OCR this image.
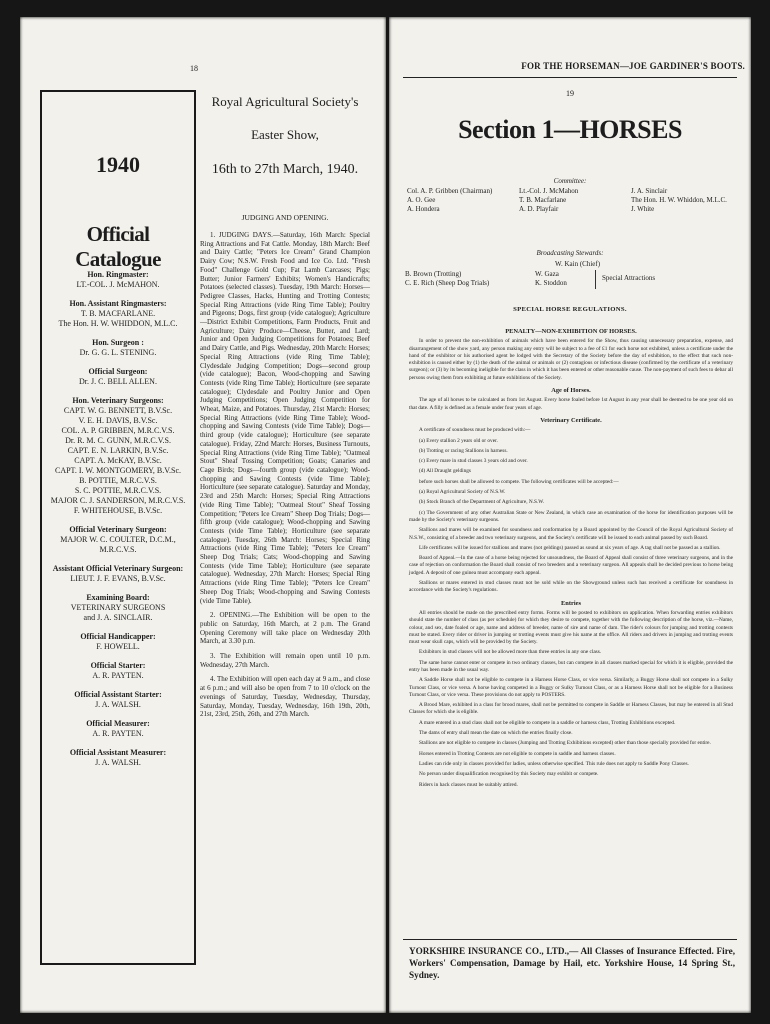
18
1940
Official Catalogue
Hon. Ringmaster:
LT.-COL. J. McMAHON.
Hon. Assistant Ringmasters:
T. B. MACFARLANE.
The Hon. H. W. WHIDDON, M.L.C.
Hon. Surgeon :
Dr. G. G. L. STENING.
Official Surgeon:
Dr. J. C. BELL ALLEN.
Hon. Veterinary Surgeons:
CAPT. W. G. BENNETT, B.V.Sc.
V. E. H. DAVIS, B.V.Sc.
COL. A. P. GRIBBEN, M.R.C.V.S.
Dr. R. M. C. GUNN, M.R.C.V.S.
CAPT. E. N. LARKIN, B.V.Sc.
CAPT. A. McKAY, B.V.Sc.
CAPT. I. W. MONTGOMERY, B.V.Sc.
B. POTTIE, M.R.C.V.S.
S. C. POTTIE, M.R.C.V.S.
MAJOR C. J. SANDERSON, M.R.C.V.S.
F. WHITEHOUSE, B.V.Sc.
Official Veterinary Surgeon:
MAJOR W. C. COULTER, D.C.M., M.R.C.V.S.
Assistant Official Veterinary Surgeon:
LIEUT. J. F. EVANS, B.V.Sc.
Examining Board:
VETERINARY SURGEONS
and J. A. SINCLAIR.
Official Handicapper:
F. HOWELL.
Official Starter:
A. R. PAYTEN.
Official Assistant Starter:
J. A. WALSH.
Official Measurer:
A. R. PAYTEN.
Official Assistant Measurer:
J. A. WALSH.
Royal Agricultural Society's
Easter Show,
16th to 27th March, 1940.
JUDGING AND OPENING.

1. JUDGING DAYS.—Saturday, 16th March: Special Ring Attractions and Fat Cattle. Monday, 18th March: Beef and Dairy Cattle; "Peters Ice Cream" Grand Champion Dairy Cow; N.S.W. Fresh Food and Ice Co. Ltd. "Fresh Food" Challenge Gold Cup; Fat Lamb Carcases; Pigs; Butter; Junior Farmers' Exhibits; Women's Handicrafts; Potatoes (selected classes). Tuesday, 19th March: Horses—Pedigree Classes, Hacks, Hunting and Trotting Contests; Special Ring Attractions (vide Ring Time Table); Poultry and Pigeons; Dogs, first group (vide catalogue); Agriculture—District Exhibit Competitions, Farm Products, Fruit and Agriculture; Dairy Produce—Cheese, Butter, and Lard; Junior and Open Judging Competitions for Potatoes; Beef and Dairy Cattle, and Pigs. Wednesday, 20th March: Horses; Special Ring Attractions (vide Ring Time Table); Clydesdale Judging Competition; Dogs—second group (vide catalogue); Bacon, Wood-chopping and Sawing Contests (vide Ring Time Table); Horticulture (see separate catalogue); Clydesdale and Poultry Junior and Open Judging Competitions; Open Judging Competition for Wheat, Maize, and Potatoes. Thursday, 21st March: Horses; Special Ring Attractions (vide Ring Time Table); Wood-chopping and Sawing Contests (vide Time Table); Dogs—third group (vide catalogue); Horticulture (see separate catalogue). Friday, 22nd March: Horses, Business Turnouts, Special Ring Attractions (vide Ring Time Table); "Oatmeal Stout" Sheaf Tossing Competition; Goats; Canaries and Cage Birds; Dogs—fourth group (vide catalogue); Wood-chopping and Sawing Contests (vide Time Table); Horticulture (see separate catalogue). Saturday and Monday, 23rd and 25th March: Horses; Special Ring Attractions (vide Ring Time Table); "Oatmeal Stout" Sheaf Tossing Competition; "Peters Ice Cream" Sheep Dog Trials; Dogs—fifth group (vide catalogue); Wood-chopping and Sawing Contests (vide Time Table); Horticulture (see separate catalogue). Tuesday, 26th March: Horses; Special Ring Attractions (vide Ring Time Table); "Peters Ice Cream" Sheep Dog Trials; Cats; Wood-chopping and Sawing Contests (vide Time Table); Horticulture (see separate catalogue). Wednesday, 27th March: Horses; Special Ring Attractions (vide Ring Time Table); "Peters Ice Cream" Sheep Dog Trials; Wood-chopping and Sawing Contests (vide Time Table).

2. OPENING.—The Exhibition will be open to the public on Saturday, 16th March, at 2 p.m. The Grand Opening Ceremony will take place on Wednesday 20th March, at 3.30 p.m.

3. The Exhibition will remain open until 10 p.m. Wednesday, 27th March.

4. The Exhibition will open each day at 9 a.m., and close at 6 p.m.; and will also be open from 7 to 10 o'clock on the evenings of Saturday, Tuesday, Wednesday, Thursday, Saturday, Monday, Tuesday, Wednesday, 16th 19th, 20th, 21st, 23rd, 25th, 26th, and 27th March.

FOR THE HORSEMAN—JOE GARDINER'S BOOTS.
19
Section 1—HORSES
Committee:
Col. A. P. Gribben (Chairman)
A. O. Gee
A. Hondera
Lt.-Col. J. McMahon
T. B. Macfarlane
A. D. Playfair
J. A. Sinclair
The Hon. H. W. Whiddon, M.L.C.
J. White
Broadcasting Stewards:
W. Kain (Chief)
B. Brown (Trotting)
C. E. Rich (Sheep Dog Trials)
W. Gaza
K. Stoddon
Special Attractions
SPECIAL HORSE REGULATIONS.
PENALTY—NON-EXHIBITION OF HORSES.

In order to prevent the non-exhibition of animals which have been entered for the Show, thus causing unnecessary preparation, expense, and disarrangement of the show yard, any person making any entry will be subject to a fee of £1 for each horse not exhibited, unless a certificate under the hand of the exhibitor or his authorised agent be lodged with the Secretary of the Society before the day of exhibition, to the effect that such non-exhibition is caused either by (1) the death of the animal or animals or (2) contagious or infectious disease (confirmed by the certificate of a veterinary surgeon); or (3) by its becoming ineligible for the class in which it has been entered or other reasonable cause. The non-payment of such fees to debar all persons owing them from exhibiting at future exhibitions of the Society.

Age of Horses.

The age of all horses to be calculated as from 1st August. Every horse foaled before 1st August in any year shall be deemed to be one year old on that date. A filly is defined as a female under four years of age.

Veterinary Certificate.

A certificate of soundness must be produced with:—

(a) Every stallion 2 years old or over.

(b) Trotting or racing Stallions in harness.

(c) Every mare in stud classes 3 years old and over.

(d) All Draught geldings

before such horses shall be allowed to compete. The following certificates will be accepted:—

(a) Royal Agricultural Society of N.S.W.

(b) Stock Branch of the Department of Agriculture, N.S.W.

(c) The Government of any other Australian State or New Zealand, in which case an examination of the horse for identification purposes will be made by the Society's veterinary surgeons.

Stallions and mares will be examined for soundness and conformation by a Board appointed by the Council of the Royal Agricultural Society of N.S.W., consisting of a breeder and two veterinary surgeons, and the Society's certificate will be issued to each animal passed by such Board.

Life certificates will be issued for stallions and mares (not geldings) passed as sound at six years of age. A tag shall not be passed as a stallion.

Board of Appeal.—In the case of a horse being rejected for unsoundness, the Board of Appeal shall consist of three veterinary surgeons, and in the case of rejection on conformation the Board shall consist of two breeders and a veterinary surgeon. All appeals shall be decided previous to horse being judged. A deposit of one guinea must accompany each appeal.

Stallions or mares entered in stud classes must not be sold while on the Showground unless such has received a certificate for soundness in accordance with the Society's regulations.

Entries

All entries should be made on the prescribed entry forms. Forms will be posted to exhibitors on application. When forwarding entries exhibitors should state the number of class (as per schedule) for which they desire to compete, together with the following description of the horse, viz.—Name, colour, and sex, date foaled or age, name and address of breeder, name of sire and name of dam. The rider's colours for jumping and trotting contests must be stated. Every rider or driver in jumping or trotting events must give his name at the office. All riders and drivers in jumping and trotting events must wear skull caps, which will be provided by the Society.

Exhibitors in stud classes will not be allowed more than three entries in any one class.

The same horse cannot enter or compete in two ordinary classes, but can compete in all classes marked special for which it is eligible, provided the entry has been made in the usual way.

A Saddle Horse shall not be eligible to compete in a Harness Horse Class, or vice versa. Similarly, a Buggy Horse shall not compete in a Sulky Turnout Class, or vice versa. A horse having competed in a Buggy or Sulky Turnout Class, or as a Harness Horse shall not be eligible for a Business Turnout Class, or vice versa. These provisions do not apply to POSTERS.

A Brood Mare, exhibited in a class for brood mares, shall not be permitted to compete in Saddle or Harness Classes, but may be entered in all Stud Classes for which she is eligible.

A mare entered in a stud class shall not be eligible to compete in a saddle or harness class, Trotting Exhibitions excepted.

The dams of entry shall mean the date on which the entries finally close.

Stallions are not eligible to compete in classes (Jumping and Trotting Exhibitions excepted) other than those specially provided for entire.

Horses entered in Trotting Contests are not eligible to compete in saddle and harness classes.

Ladies can ride only in classes provided for ladies, unless otherwise specified. This rule does not apply to Saddle Pony Classes.

No person under disqualification recognised by this Society may exhibit or compete.

Riders in hack classes must be suitably attired.

YORKSHIRE INSURANCE CO., LTD.,— All Classes of Insurance Effected. Fire, Workers' Compensation, Damage by Hail, etc. Yorkshire House, 14 Spring St., Sydney.
